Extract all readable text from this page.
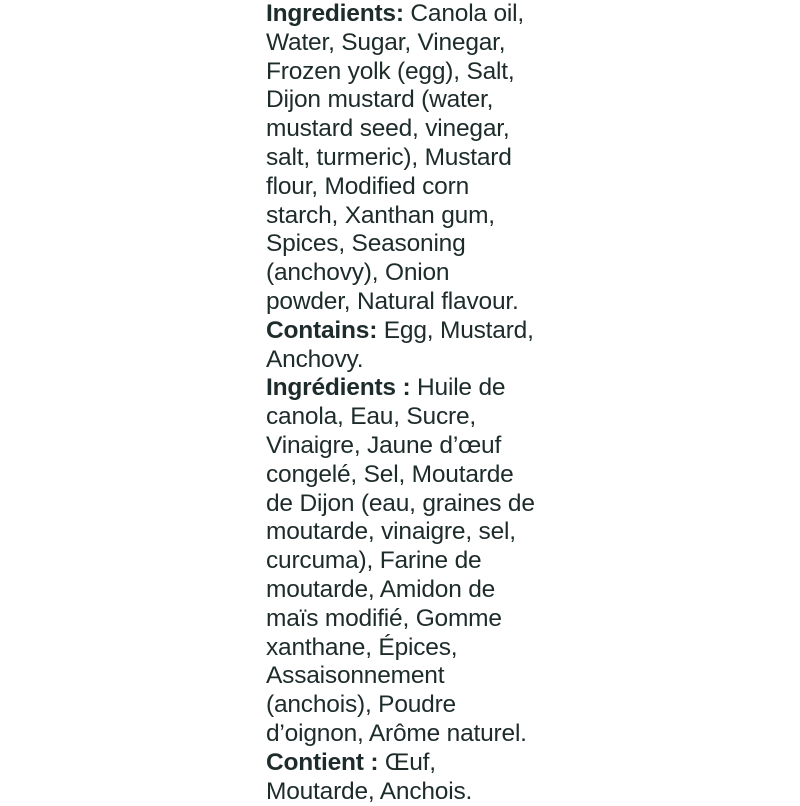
Ingredients: Canola oil,
Water, Sugar, Vinegar,
Frozen yolk (egg), Salt,
Dijon mustard (water,
mustard seed, vinegar,
salt, turmeric), Mustard
flour, Modified corn
starch, Xanthan gum,
Spices, Seasoning
(anchovy), Onion
powder, Natural flavour.
Contains: Egg, Mustard,
Anchovy.
Ingrédients : Huile de
canola, Eau, Sucre,
Vinaigre, Jaune d’œuf
congelé, Sel, Moutarde
de Dijon (eau, graines de
moutarde, vinaigre, sel,
curcuma), Farine de
moutarde, Amidon de
maïs modifié, Gomme
xanthane, Épices,
Assaisonnement
(anchois), Poudre
d’oignon, Arôme naturel.
Contient : Œuf,
Moutarde, Anchois.
